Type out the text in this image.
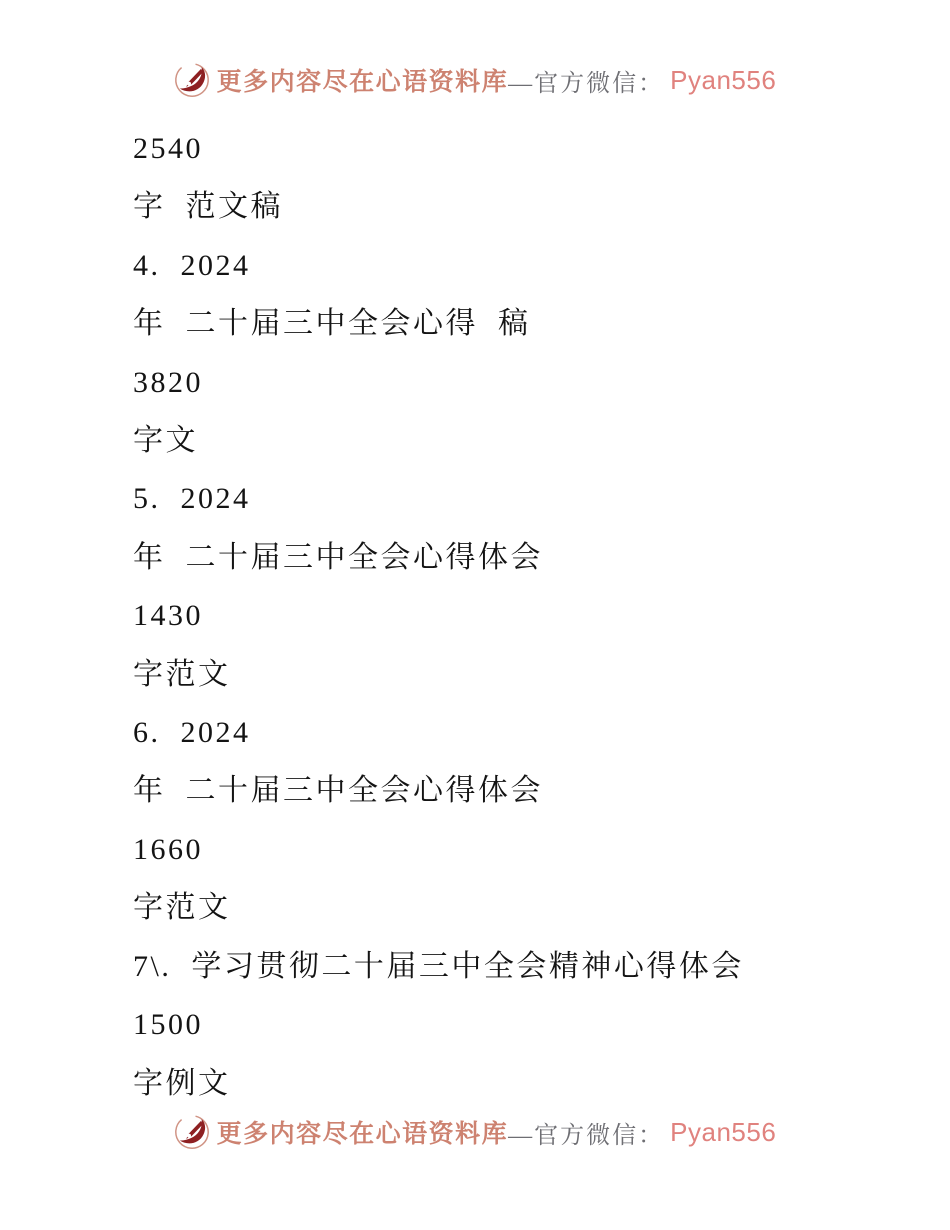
更多内容尽在心语资料库 —官方微信： Pyan556
2540
字 范文稿
4. 2024
年 二十届三中全会心得 稿
3820
字文
5. 2024
年 二十届三中全会心得体会
1430
字范文
6. 2024
年 二十届三中全会心得体会
1660
字范文
7\. 学习贯彻二十届三中全会精神心得体会
1500
字例文
更多内容尽在心语资料库 —官方微信： Pyan556
